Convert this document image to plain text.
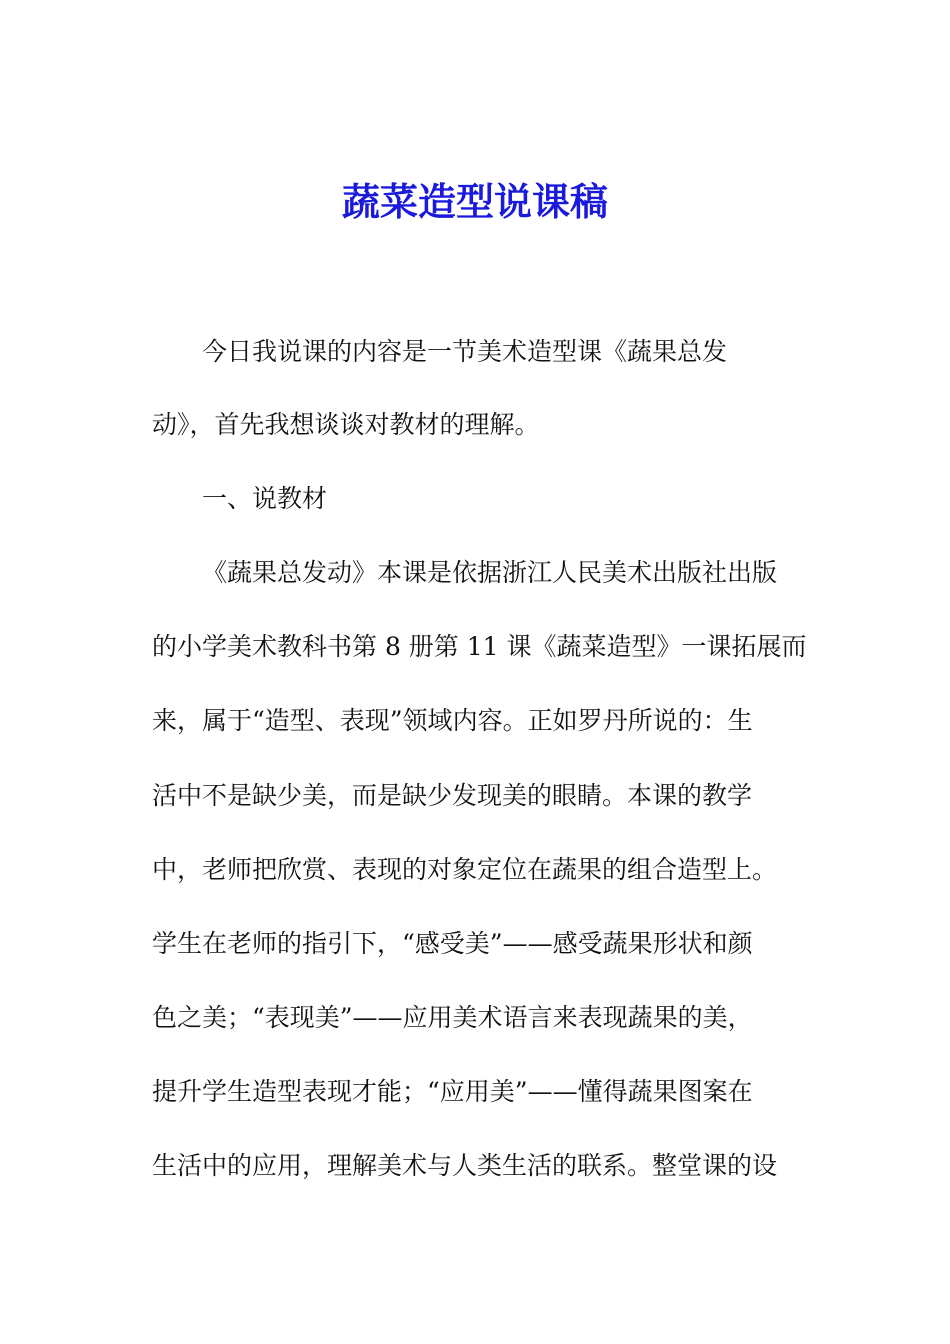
蔬菜造型说课稿

今日我说课的内容是一节美术造型课《蔬果总发

动》，首先我想谈谈对教材的理解。

一、说教材

《蔬果总发动》本课是依据浙江人民美术出版社出版

的小学美术教科书第 8 册第 11 课《蔬菜造型》一课拓展而

来，属于“造型、表现”领域内容。正如罗丹所说的：生

活中不是缺少美，而是缺少发现美的眼睛。本课的教学

中，老师把欣赏、表现的对象定位在蔬果的组合造型上。

学生在老师的指引下，“感受美”——感受蔬果形状和颜

色之美；“表现美”——应用美术语言来表现蔬果的美，

提升学生造型表现才能；“应用美”——懂得蔬果图案在

生活中的应用，理解美术与人类生活的联系。整堂课的设
